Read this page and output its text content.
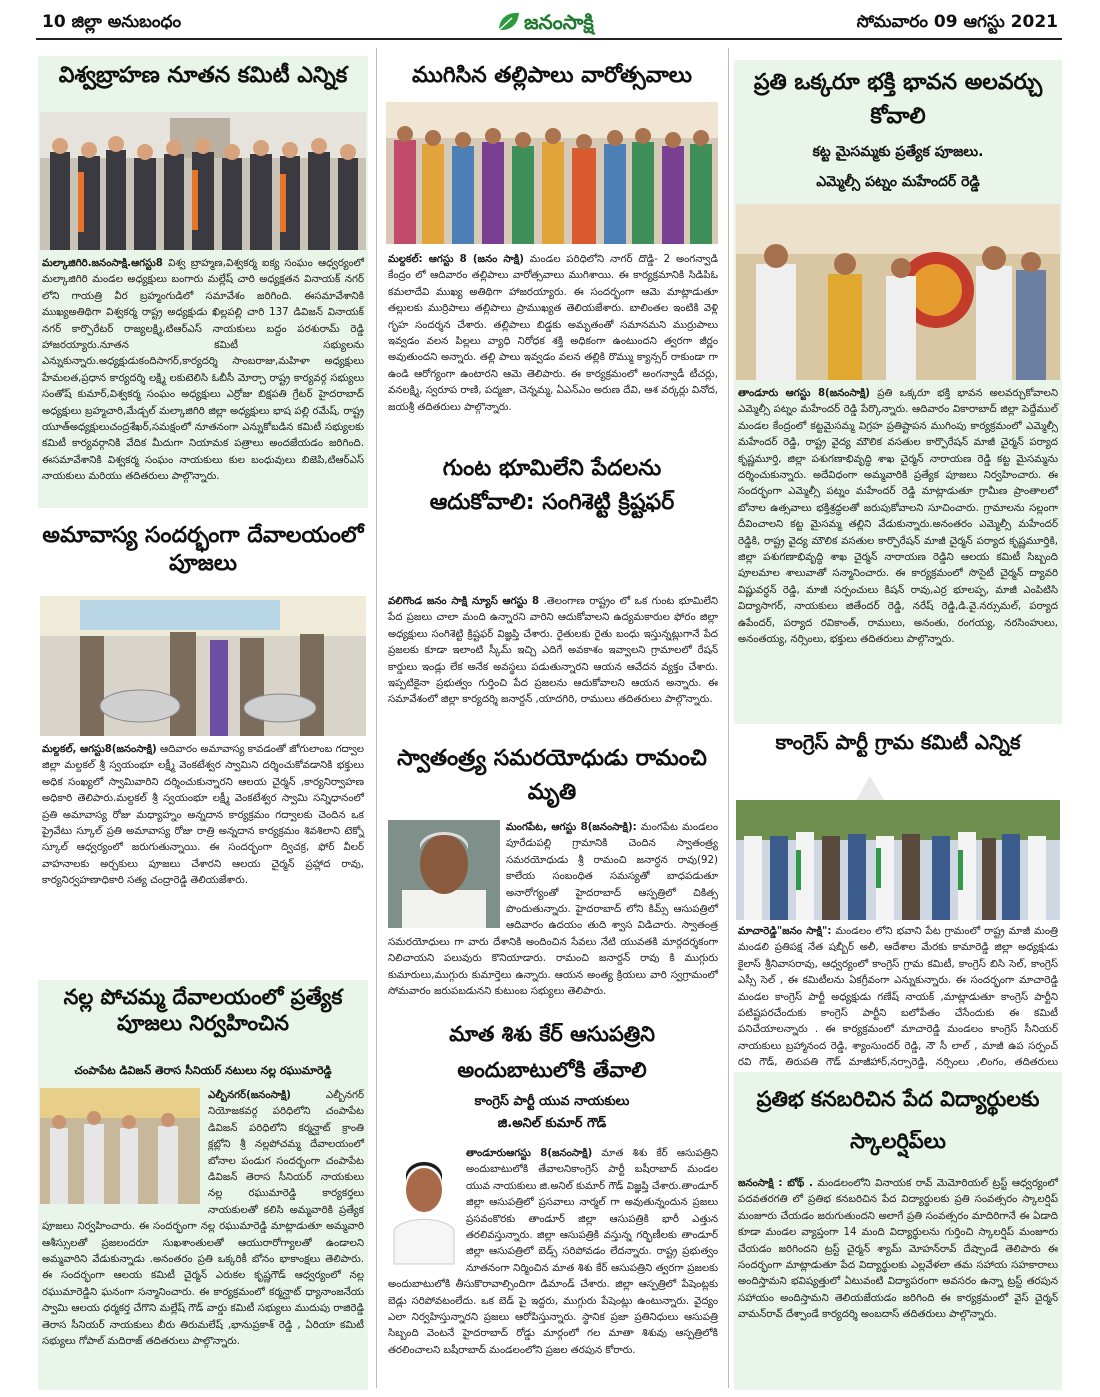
10 జిల్లా అనుబంధం	జనంసాక్షి	సోమవారం 09 ఆగస్టు 2021
విశ్వబ్రాహణ నూతన కమిటీ ఎన్నిక
మల్కాజిగిరి.జనంసాక్షి.ఆగస్టు8 విశ్వ బ్రాహ్మణ,విశ్వకర్మ ఐక్య సంఘం ఆధ్వర్యంలో మల్కాజిగిరి మండల అధ్యక్షులు బంగారు మల్లేష్ చారి అధ్యక్షతన వినాయక్ నగర్ లోని గాయత్రి వీర బ్రహ్మంగుడిలో సమావేశం జరిగింది. ఈసమావేశానికి ముఖ్యఅతిథిగా విశ్వకర్మ రాష్ట్ర అధ్యక్షుడు ఖిల్లపల్లి చారి 137 డివిజన్ వినాయక్ నగర్ కార్పొరేటర్ రాజ్యలక్ష్మి,టిఆర్ఎస్ నాయకులు బద్దం పరశురామ్ రెడ్డి హాజరయ్యారు.నూతన కమిటీ సభ్యులను ఎన్నుకున్నారు.అధ్యక్షుడుకందిసాగర్,కార్యదర్శి సాంబరాజు,మహిళా అధ్యక్షులు హేమలత,ప్రధాన కార్యదర్శి లక్ష్మి లకుటెలిసి ఓబీసీ మోర్చా రాష్ట్ర కార్యవర్గ సభ్యులు సంతోష్ కుమార్,విశ్వకర్మ సంఘం అధ్యక్షులు ఎర్రోజు బిక్షపతి గ్రేటర్ హైదరాబాద్ అధ్యక్షులు బ్రహ్మచారి,మేడ్చల్ మల్కాజిగిరి జిల్లా అధ్యక్షులు భాష పల్లి రమేష్, రాష్ట్ర యూత్అధ్యక్షులుచంద్రశేఖర్,సమక్షంలో నూతనంగా ఎన్నుకోబడిన కమిటీ సభ్యులకు కమిటీ కార్యవర్గానికి వేదిక మీదుగా నియామక పత్రాలు అందజేయడం జరిగింది. ఈసమావేశానికి విశ్వకర్మ సంఘం నాయకులు కుల బంధువులు బిజెపి,టిఆర్ఎస్ నాయకులు మరియు తదితరులు పాల్గొన్నారు.
అమావాస్య సందర్భంగా దేవాలయంలో పూజలు
మల్దకల్, ఆగస్టు8(జనంసాక్షి) ఆదివారం అమావాస్య కావడంతో జోగులాంబ గద్వాల జిల్లా మల్దకల్ శ్రీ స్వయంభూ లక్ష్మీ వెంకటేశ్వర స్వామిని దర్శించుకోవడానికి భక్తులు అధిక సంఖ్యలో స్వామివారిని దర్శించుకున్నారని ఆలయ చైర్మన్ ,కార్యనిర్వాహణ అధికారి తెలిపారు.మల్దకల్ శ్రీ స్వయంభూ లక్ష్మీ వెంకటేశ్వర స్వామి సన్నిధానంలో ప్రతి అమావాస్య రోజు మధ్యాహ్నం అన్నదాన కార్యక్రమం గద్వాలకు చెందిన ఒక ప్రైవేటు స్కూల్ ప్రతి అమావాస్య రోజు రాత్రి అన్నదాన కార్యక్రమం శివశిలాని టెక్నో స్కూల్ ఆధ్వర్యంలో జరుగుతున్నాయి. ఈ సందర్భంగా ద్విచక్ర, ఫోర్ వీలర్ వాహనాలకు అర్చకులు పూజలు చేశారని ఆలయ చైర్మన్ ప్రహ్లాద రావు, కార్యనిర్వహణాధికారి సత్య చంద్రారెడ్డి తెలియజేశారు.
నల్ల పోచమ్మ దేవాలయంలో ప్రత్యేక పూజలు నిర్వహించిన
చంపాపేట డివిజన్ తెరాస సీనియర్ నటులు నల్ల రఘుమారెడ్డి
ఎల్బీనగర్(జనంసాక్షి)	ఎల్బీనగర్ నియోజకవర్గ పరిధిలోని చంపాపేట డివిజన్ పరిధిలోని కర్మన్ఘాట్ క్రాంతి క్లబ్లోని శ్రీ నల్లపోచమ్మ దేవాలయంలో బోనాల పండుగ సందర్భంగా చంపాపేట డివిజన్ తెరాస సీనియర్ నాయకులు నల్ల రఘుమారెడ్డి కార్యకర్తలు నాయకులతో కలిసి అమ్మవారికి ప్రత్యేక పూజలు నిర్వహించారు. ఈ సందర్భంగా నల్ల రఘుమారెడ్డి మాట్లాడుతూ అమ్మవారి ఆశీస్సులతో ప్రజలందరూ సుఖశాంతులతో ఆయురారోగ్యాలతో ఉండాలని అమ్మవారిని వేడుకున్నాడు .అనంతరం ప్రతి ఒక్కరికీ బోనం భాకాంక్షలు తెలిపారు. ఈ సందర్భంగా ఆలయ కమిటీ చైర్మన్ ఎరుకల కృష్ణగౌడ్ ఆధ్వర్యంలో నల్ల రఘుమారెడ్డిని ఘనంగా సన్మానించారు. ఈ కార్యక్రమంలో కర్మన్ఘాట్ ధ్యానాంజనేయ స్వామి ఆలయ ధర్మకర్త చేగొని మల్లేష్ గౌడ్ వార్డు కమిటీ సభ్యులు ముదుపు రాజిరెడ్డి తెరాస సీనియర్ నాయకులు బీరు తిరుమలేష్ ,భానుప్రకాశ్ రెడ్డి , ఏరియా కమిటీ సభ్యులు గోపాల్ మదిరాజ్ తదితరులు పాల్గొన్నారు.
ముగిసిన తల్లిపాలు వారోత్సవాలు
మల్దకల్: ఆగస్టు 8 (జనం సాక్షి) మండల పరిధిలోని నాగర్ దొడ్డి- 2 అంగన్వాడి కేంద్రం లో ఆదివారం తల్లిపాలు వారోత్సవాలు ముగిశాయి. ఈ కార్యక్రమానికి సిడిపిఓ కమలాదేవి ముఖ్య అతిథిగా హాజరయ్యారు. ఈ సందర్భంగా ఆమె మాట్లాడుతూ తల్లులకు ముర్రిపాలు తల్లిపాలు ప్రాముఖ్యత తెలియజేశారు. బాలింతల ఇంటికి వెళ్లి గృహ సందర్శన చేశారు. తల్లిపాలు బిడ్డకు అమృతంతో సమానమని ముర్రుపాలు ఇవ్వడం వలన పిల్లలు వ్యాధి నిరోధక శక్తి అధికంగా ఉంటుందని త్వరగా జీర్ణం అవుతుందని అన్నారు. తల్లి పాలు ఇవ్వడం వలన తల్లికి రొమ్ము క్యాన్సర్ రాకుండా గా ఉండి ఆరోగ్యంగా ఉంటారని ఆమె తెలిపారు. ఈ కార్యక్రమంలో అంగన్వాడీ టీచర్లు, వనలక్ష్మి, స్వరూప రాణి, పద్మజా, చెన్నమ్మ, ఏఎన్ఎం అరుణ దేవి, ఆశ వర్కర్లు వినోద, జయశ్రీ తదితరులు పాల్గొన్నారు.
గుంట భూమిలేని పేదలను ఆదుకోవాలి: సంగిశెట్టి క్రిష్టఫర్
వలిగొండ జనం సాక్షి న్యూస్ ఆగస్టు 8 .తెలంగాణ రాష్ట్రం లో ఒక గుంట భూమిలేని పేద ప్రజలు చాలా మంది ఉన్నారని వారిని ఆదుకోవాలని ఉద్యమకారుల ఫోరం జిల్లా అధ్యక్షులు సంగిశెట్టి క్రిష్టఫర్ విజ్ఞప్తి చేశారు. రైతులకు రైతు బంధు ఇస్తున్నట్లుగానే పేద ప్రజలకు కూడా ఇలాంటి స్కీమ్ ఇచ్చి ఎదిగే అవకాశం ఇవ్వాలని గ్రామాలలో రేషన్ కార్డులు ఇండ్లు లేక అనేక అవస్థలు పడుతున్నారని ఆయన ఆవేదన వ్యక్తం చేశారు. ఇప్పటికైనా ప్రభుత్వం గుర్తించి పేద ప్రజలను ఆదుకోవాలని ఆయన అన్నారు. ఈ సమావేశంలో జిల్లా కార్యదర్శి జనార్దన్ ,యాదగిరి, రాములు తదితరులు పాల్గొన్నారు.
స్వాతంత్ర్య సమరయోధుడు రామంచి మృతి
మంగపేట, ఆగస్టు 8(జనంసాక్షి): మంగపేట మండలం పూరేడుపల్లి గ్రామానికి చెందిన స్వాతంత్ర్య సమరయోధుడు శ్రీ రామంచి జనార్ధన రావు(92) కాలేయ సంబంధిత సమస్యతో బాధపడుతూ అనారోగ్యంతో హైదరాబాద్ ఆస్పత్రిలో చికిత్స పొందుతున్నారు. హైదరాబాద్ లోని కిమ్స్ ఆసుపత్రిలో ఆదివారం ఉదయం తుది శ్వాస విడిచారు. స్వాతంత్ర సమరయోధులు గా వారు దేశానికి అందించిన సేవలు నేటి యువతకి మార్గదర్శకంగా నిలిచాయని పలువురు కొనియాడారు. రామంచి జనార్దన్ రావు కి ముగ్గురు కుమారులు,ముగ్గురు కుమార్తెలు ఉన్నారు. ఆయన అంత్య క్రియలు వారి స్వగ్రామంలో సోమవారం జరుపబడునని కుటుంబ సభ్యులు తెలిపారు.
మాత శిశు కేర్ ఆసుపత్రిని అందుబాటులోకి తేవాలి
కాంగ్రెస్ పార్టీ యువ నాయకులు
జి.అనిల్ కుమార్ గౌడ్
తాండూరుఆగస్టు 8(జనంసాక్షి) మాత శిశు కేర్ ఆసుపత్రిని అందుబాటులోకి తేవాలనికాంగ్రెస్ పార్టీ బషీరాబాద్ మండల యువ నాయకులు జి.అనిల్ కుమార్ గౌడ్ విజ్ఞప్తి చేశారు.తాండూర్ జిల్లా ఆసుపత్రిలో ప్రసవాలు నార్మల్ గా అవుతున్నందున ప్రజలు ప్రసవంకొరకు తాండూర్ జిల్లా ఆసుపత్రికి భారీ ఎత్తున తరలివస్తున్నారు. జిల్లా ఆసుపత్రికి వస్తున్న గర్భిణీలకు తాండూర్ జిల్లా ఆసుపత్రిలో బెడ్స్ సరిపోవడం లేదన్నారు. రాష్ట్ర ప్రభుత్వం నూతనంగా నిర్మించిన మాత శిశు కేర్ ఆసుపత్రిని త్వరగా ప్రజలకు అందుబాటులోకి తీసుకొరావాల్సిందిగా డిమాండ్ చేశారు. జిల్లా ఆస్పత్రిలో పేషెంట్లకు బెడ్లు సరిపోవటంలేదు. ఒక బెడ్ పై ఇద్దరు, ముగ్గురు పేషెంట్లు ఉంటున్నారు. వైద్యం ఎలా నిర్వహిస్తున్నారని ప్రజలు ఆరోపిస్తున్నారు. స్థానిక ప్రజా ప్రతినిధులు ఆసుపత్రి సిబ్బంది వెంటనే హైదరాబాద్ రోడ్డు మార్గంలో గల మాతా శిశువు ఆస్పత్రిలోకి తరలించాలని బషీరాబాద్ మండలంలోని ప్రజల తరపున కోరారు.
ప్రతి ఒక్కరూ భక్తి భావన అలవర్చు కోవాలి
కట్ట మైసమ్మకు ప్రత్యేక పూజలు.
ఎమ్మెల్సీ పట్నం మహేందర్ రెడ్డి
తాండూరు ఆగస్టు 8(జనంసాక్షి) ప్రతి ఒక్కరూ భక్తి భావన అలవర్చుకోవాలని ఎమ్మెల్సీ పట్నం మహేందర్ రెడ్డి పేర్కొన్నారు. ఆదివారం వికారాబాద్ జిల్లా పెద్దేముల్ మండల కేంద్రంలో కట్టమైసమ్మ విగ్రహ ప్రతిష్టాపన ముగింపు కార్యక్రమంలో ఎమ్మెల్సీ మహేందర్ రెడ్డి, రాష్ట్ర వైద్య మౌలిక వసతుల కార్పొరేషన్ మాజీ చైర్మన్ పర్యాద కృష్ణమూర్తి, జిల్లా పశుగణాభివృద్ధి శాఖ చైర్మన్ నారాయణ రెడ్డి కట్ట మైసమ్మను దర్శించుకున్నారు. అదేవిధంగా అమ్మవారికి ప్రత్యేక పూజలు నిర్వహించారు. ఈ సందర్భంగా ఎమ్మెల్సీ పట్నం మహేందర్ రెడ్డి మాట్లాడుతూ గ్రామీణ ప్రాంతాలలో బోనాల ఉత్సవాలు భక్తిశ్రద్ధలతో జరుపుకోవాలని సూచించారు. గ్రామాలను సల్లంగా దీవించాలని కట్ట మైసమ్మ తల్లిని వేడుకున్నారు.అనంతరం ఎమ్మెల్సీ మహేందర్ రెడ్డికి, రాష్ట్ర వైద్య మౌలిక వసతుల కార్పొరేషన్ మాజీ చైర్మన్ పర్యాద కృష్ణమూర్తికి, జిల్లా పశుగణాభివృద్ధి శాఖ చైర్మన్ నారాయణ రెడ్డిని ఆలయ కమిటీ సిబ్బంది పూలమాల శాలువాతో సన్మానించారు. ఈ కార్యక్రమంలో సొసైటీ చైర్మన్ ద్యావరి విష్ణువర్ధన్ రెడ్డి, మాజీ సర్పంచులు కిషన్ రావు,ఎర్ర భూలప్ప, మాజీ ఎంపిటిసి విద్యాసాగర్, నాయకులు జితేందర్ రెడ్డి, నరేష్ రెడ్డి,డి.వై.నర్సుమల్, పర్యాద ఉపేందర్, పర్యాద రవికాంత్, రాములు, అనంతు, రంగయ్య, నరసింహులు, అనంతయ్య, నర్సింలు, భక్తులు తదితరులు పాల్గొన్నారు.
కాంగ్రెస్ పార్టీ గ్రామ కమిటీ ఎన్నిక
మాచారెడ్డి"జనం సాక్షి": మండలం లోని భవాని పేట గ్రామంలో రాష్ట్ర మాజీ మంత్రి మండలి ప్రతిపక్ష నేత షబ్బీర్ అలీ, ఆదేశాల మేరకు కామారెడ్డి జిల్లా అధ్యక్షుడు కైలాస్ శ్రీనివాసరావు, ఆధ్వర్యంలో కాంగ్రెస్ గ్రామ కమిటీ, కాంగ్రెస్ బిసి సెల్, కాంగ్రెస్ ఎస్సీ సెల్ , ఈ కమిటీలను ఏకగ్రీవంగా ఎన్నుకున్నారు. ఈ సందర్భంగా మాచారెడ్డి మండల కాంగ్రెస్ పార్టీ అధ్యక్షుడు గణేష్ నాయక్ ,మాట్లాడుతూ కాంగ్రెస్ పార్టీని పటిష్టపరచేందుకు కాంగ్రెస్ పార్టీని బలోపేతం చేసేందుకు ఈ కమిటీ పనిచేయాలన్నారు . ఈ కార్యక్రమంలో మాచారెడ్డి మండలం కాంగ్రెస్ సీనియర్ నాయకులు బ్రహ్మానంద రెడ్డి, శ్యాంసుందర్ రెడ్డి, నౌ సీ లాల్ , మాజీ ఉప సర్పంచ్ రవి గౌడ్, తిరుపతి గౌడ్ మాజీహార్,నర్సారెడ్డి, నర్సింలు ,లింగం, తదితరులు
ప్రతిభ కనబరిచిన పేద విద్యార్థులకు స్కాలర్షిప్‌లు
జనంసాక్షి : బోథ్ . మండలంలోని వినాయక రావ్ మెమోరియల్ ట్రస్ట్ ఆధ్వర్యంలో పదవతరగతి లో ప్రతిభ కనబరిచిన పేద విద్యార్థులకు ప్రతి సంవత్సరం స్కాలర్షిప్ మంజూరు చేయడం జరుగుతుందని అలాగే ప్రతి సంవత్సరం మాదిరిగానే ఈ ఏడాది కూడా మండల వ్యాప్తంగా 14 మంది విద్యార్థులను గుర్తించి స్కాలర్షిప్ మంజూరు చేయడం జరిగిందని ట్రస్ట్ చైర్మన్ శ్యామ్ మోహన్‌రావ్ దేష్పాండే తెలిపారు ఈ సందర్భంగా మాట్లాడుతూ పేద విద్యార్థులకు ఎల్లవేళలా తమ సహాయ సహకారాలు అందిస్తామని భవిష్యత్తులో ఏటువంటి విద్యాపరంగా అవసరం ఉన్నా ట్రస్ట్ తరపున సహాయం అందిస్తామని తెలియజేయడం జరిగింది ఈ కార్యక్రమంలో వైస్ చైర్మన్ వామన్‌రావ్ దేశ్పాండే కార్యదర్శి అంబదాస్ తదితరులు పాల్గొన్నారు.
